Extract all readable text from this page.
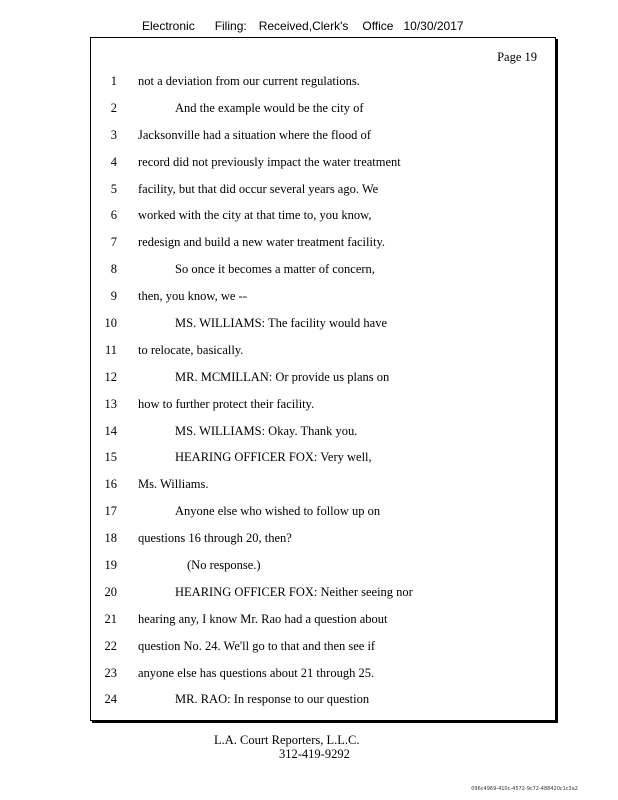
Electronic Filing: Received,Clerk's Office 10/30/2017

Page 19

1 not a deviation from our current regulations.
2	And the example would be the city of
3 Jacksonville had a situation where the flood of
4 record did not previously impact the water treatment
5 facility, but that did occur several years ago. We
6 worked with the city at that time to, you know,
7 redesign and build a new water treatment facility.
8	So once it becomes a matter of concern,
9 then, you know, we --
10	MS. WILLIAMS: The facility would have
11 to relocate, basically.
12	MR. MCMILLAN: Or provide us plans on
13 how to further protect their facility.
14	MS. WILLIAMS: Okay. Thank you.
15	HEARING OFFICER FOX: Very well,
16 Ms. Williams.
17	Anyone else who wished to follow up on
18 questions 16 through 20, then?
19	(No response.)
20	HEARING OFFICER FOX: Neither seeing nor
21 hearing any, I know Mr. Rao had a question about
22 question No. 24. We'll go to that and then see if
23 anyone else has questions about 21 through 25.
24	MR. RAO: In response to our question
L.A. Court Reporters, L.L.C.
312-419-9292
096c4969-410c-4572-9c72-488420c1c3a2
